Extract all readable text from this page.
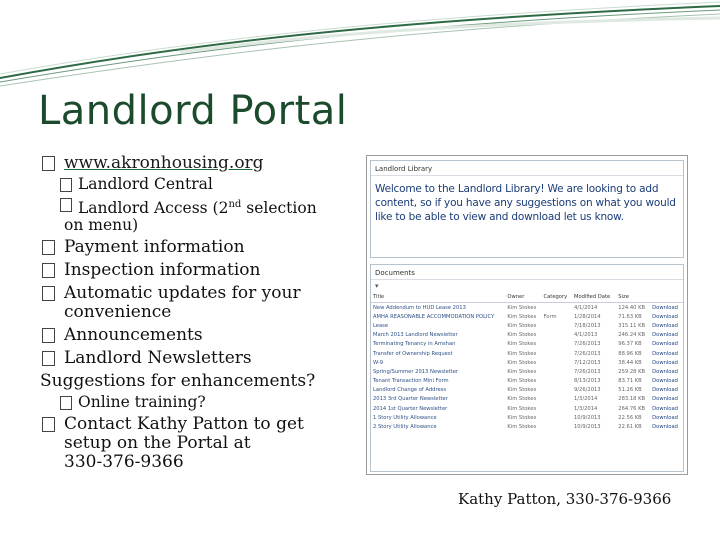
Landlord Portal
www.akronhousing.org
Landlord Central
Landlord Access (2nd selection
on menu)
Payment information
Inspection information
Automatic updates for your
convenience
Announcements
Landlord Newsletters
Suggestions for enhancements?
Online training?
Contact Kathy Patton to get
setup on the Portal at
330-376-9366
Landlord Library
Welcome to the Landlord Library! We are looking to add content, so if you have any suggestions on what you would like to be able to view and download let us know.
Documents
▾
Title	Owner	Category	Modified Date	Size	
New Addendum to HUD Lease 2013	Kim Stokes		4/1/2014	124.40 KB	Download
AMHA REASONABLE ACCOMMODATION POLICY	Kim Stokes	Form	1/28/2014	71.63 KB	Download
Lease	Kim Stokes		7/18/2013	315.11 KB	Download
March 2013 Landlord Newsletter	Kim Stokes		4/1/2013	246.24 KB	Download
Terminating Tenancy in Amshan	Kim Stokes		7/26/2013	96.37 KB	Download
Transfer of Ownership Request	Kim Stokes		7/26/2013	88.96 KB	Download
W-9	Kim Stokes		7/12/2013	38.44 KB	Download
Spring/Summer 2013 Newsletter	Kim Stokes		7/26/2013	259.28 KB	Download
Tenant Transaction Mini Form	Kim Stokes		8/13/2013	83.71 KB	Download
Landlord Change of Address	Kim Stokes		9/26/2013	51.26 KB	Download
2013 3rd Quarter Newsletter	Kim Stokes		1/3/2014	283.18 KB	Download
2014 1st Quarter Newsletter	Kim Stokes		1/3/2014	264.76 KB	Download
1 Story Utility Allowance	Kim Stokes		10/9/2013	22.56 KB	Download
2 Story Utility Allowance	Kim Stokes		10/9/2013	22.61 KB	Download
Kathy Patton, 330-376-9366
